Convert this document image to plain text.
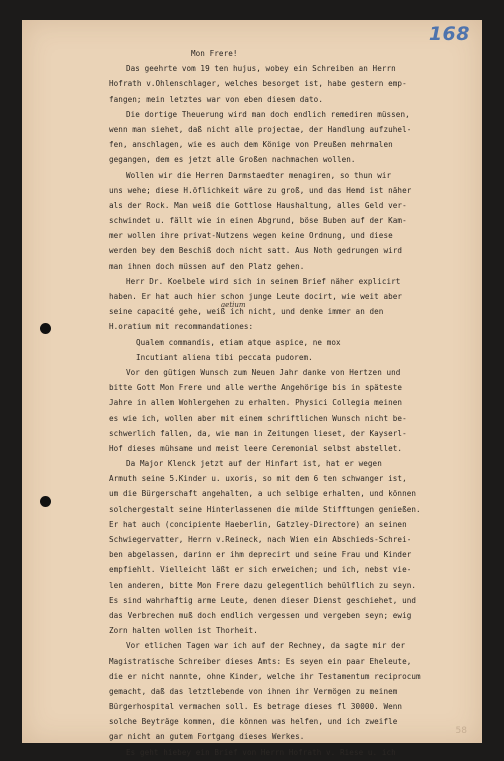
168
Mon Frere!
Das geehrte vom 19 ten hujus, wobey ein Schreiben an Herrn
Hofrath v.Ohlenschlager, welches besorget ist, habe gestern emp-
fangen; mein letztes war von eben diesem dato.
Die dortige Theuerung wird man doch endlich remediren müssen,
wenn man siehet, daß nicht alle projectae, der Handlung aufzuhel-
fen, anschlagen, wie es auch dem Könige von Preußen mehrmalen
gegangen, dem es jetzt alle Großen nachmachen wollen.
Wollen wir die Herren Darmstaedter menagiren, so thun wir
uns wehe; diese H.öflichkeit wäre zu groß, und das Hemd ist näher
als der Rock. Man weiß die Gottlose Haushaltung, alles Geld ver-
schwindet u. fällt wie in einen Abgrund, böse Buben auf der Kam-
mer wollen ihre privat-Nutzens wegen keine Ordnung, und diese
werden bey dem Beschiß doch nicht satt. Aus Noth gedrungen wird
man ihnen doch müssen auf den Platz gehen.
Herr Dr. Koelbele wird sich in seinem Brief näher explicirt
haben. Er hat auch hier schon junge Leute docirt, wie weit aber
seine capacité gehe, weiß ich nicht, und denke immer an den
H.oratium mit recommandationes:
Qualem commandis, etiam atque aspice, ne mox
Incutiant aliena tibi peccata pudorem.
Vor den gütigen Wunsch zum Neuen Jahr danke von Hertzen und
bitte Gott Mon Frere und alle werthe Angehörige bis in späteste
Jahre in allem Wohlergehen zu erhalten. Physici Collegia meinen
es wie ich, wollen aber mit einem schriftlichen Wunsch nicht be-
schwerlich fallen, da, wie man in Zeitungen lieset, der Kayserl-
Hof dieses mühsame und meist leere Ceremonial selbst abstellet.
Da Major Klenck jetzt auf der Hinfart ist, hat er wegen
Armuth seine 5.Kinder u. uxoris, so mit dem 6 ten schwanger ist,
um die Bürgerschaft angehalten, a uch selbige erhalten, und können
solchergestalt seine Hinterlassenen die milde Stifftungen genießen.
Er hat auch (concipiente Haeberlin, Gatzley-Directore) an seinen
Schwiegervatter, Herrn v.Reineck, nach Wien ein Abschieds-Schrei-
ben abgelassen, darinn er ihm deprecirt und seine Frau und Kinder
empfiehlt. Vielleicht läßt er sich erweichen; und ich, nebst vie-
len anderen, bitte Mon Frere dazu gelegentlich behülflich zu seyn.
Es sind wahrhaftig arme Leute, denen dieser Dienst geschiehet, und
das Verbrechen muß doch endlich vergessen und vergeben seyn; ewig
Zorn halten wollen ist Thorheit.
Vor etlichen Tagen war ich auf der Rechney, da sagte mir der
Magistratische Schreiber dieses Amts: Es seyen ein paar Eheleute,
die er nicht nannte, ohne Kinder, welche ihr Testamentum reciprocum
gemacht, daß das letztlebende von ihnen ihr Vermögen zu meinem
Bürgerhospital vermachen soll. Es betrage dieses fl 30000. Wenn
solche Beyträge kommen, die können was helfen, und ich zweifle
gar nicht an gutem Fortgang dieses Werkes.
Es geht hiebey ein Brief von Herrn Hofrath v. Riese u. ich
aetium
58
